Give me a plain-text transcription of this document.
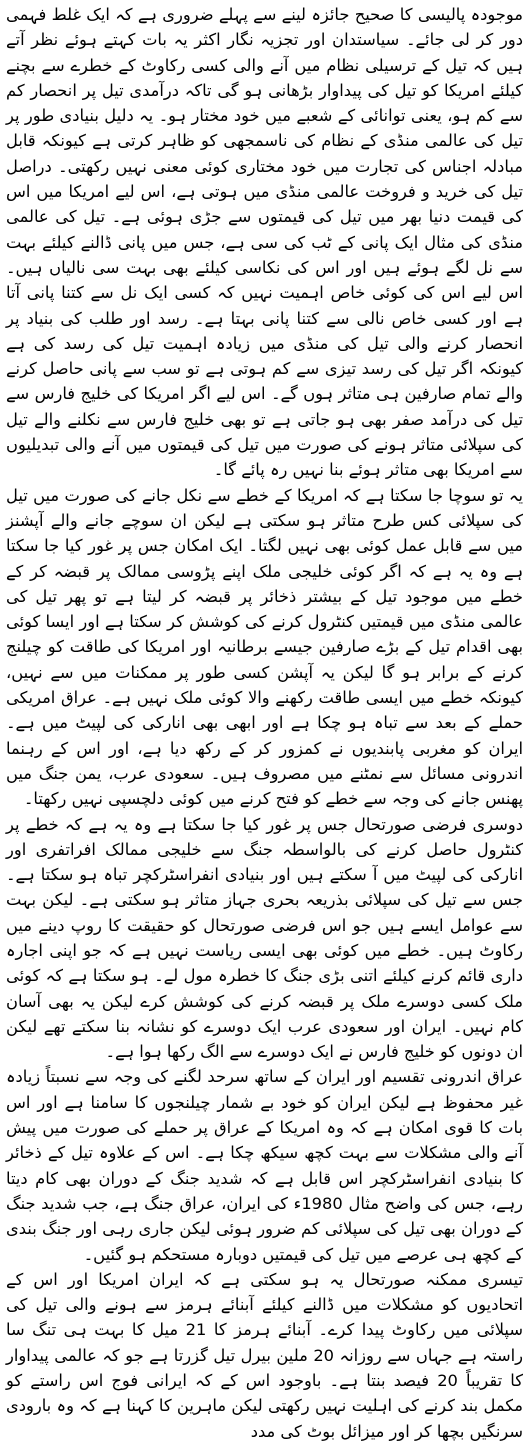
موجودہ پالیسی کا صحیح جائزہ لینے سے پہلے ضروری ہے کہ ایک غلط فہمی دور کر لی جائے۔ سیاستدان اور تجزیہ نگار اکثر یہ بات کہتے ہوئے نظر آتے ہیں کہ تیل کے ترسیلی نظام میں آنے والی کسی رکاوٹ کے خطرے سے بچنے کیلئے امریکا کو تیل کی پیداوار بڑھانی ہو گی تاکہ درآمدی تیل پر انحصار کم سے کم ہو، یعنی توانائی کے شعبے میں خود مختار ہو۔ یہ دلیل بنیادی طور پر تیل کی عالمی منڈی کے نظام کی ناسمجھی کو ظاہر کرتی ہے کیونکہ قابل مبادلہ اجناس کی تجارت میں خود مختاری کوئی معنی نہیں رکھتی۔ دراصل تیل کی خرید و فروخت عالمی منڈی میں ہوتی ہے، اس لیے امریکا میں اس کی قیمت دنیا بھر میں تیل کی قیمتوں سے جڑی ہوئی ہے۔ تیل کی عالمی منڈی کی مثال ایک پانی کے ٹب کی سی ہے، جس میں پانی ڈالنے کیلئے بہت سے نل لگے ہوئے ہیں اور اس کی نکاسی کیلئے بھی بہت سی نالیاں ہیں۔ اس لیے اس کی کوئی خاص اہمیت نہیں کہ کسی ایک نل سے کتنا پانی آتا ہے اور کسی خاص نالی سے کتنا پانی بہتا ہے۔ رسد اور طلب کی بنیاد پر انحصار کرنے والی تیل کی منڈی میں زیادہ اہمیت تیل کی رسد کی ہے کیونکہ اگر تیل کی رسد تیزی سے کم ہوتی ہے تو سب سے پانی حاصل کرنے والے تمام صارفین ہی متاثر ہوں گے۔ اس لیے اگر امریکا کی خلیج فارس سے تیل کی درآمد صفر بھی ہو جاتی ہے تو بھی خلیج فارس سے نکلنے والے تیل کی سپلائی متاثر ہونے کی صورت میں تیل کی قیمتوں میں آنے والی تبدیلیوں سے امریکا بھی متاثر ہوئے بنا نہیں رہ پائے گا۔

یہ تو سوچا جا سکتا ہے کہ امریکا کے خطے سے نکل جانے کی صورت میں تیل کی سپلائی کس طرح متاثر ہو سکتی ہے لیکن ان سوچے جانے والے آپشنز میں سے قابل عمل کوئی بھی نہیں لگتا۔ ایک امکان جس پر غور کیا جا سکتا ہے وہ یہ ہے کہ اگر کوئی خلیجی ملک اپنے پڑوسی ممالک پر قبضہ کر کے خطے میں موجود تیل کے بیشتر ذخائر پر قبضہ کر لیتا ہے تو پھر تیل کی عالمی منڈی میں قیمتیں کنٹرول کرنے کی کوشش کر سکتا ہے اور ایسا کوئی بھی اقدام تیل کے بڑے صارفین جیسے برطانیہ اور امریکا کی طاقت کو چیلنج کرنے کے برابر ہو گا لیکن یہ آپشن کسی طور پر ممکنات میں سے نہیں، کیونکہ خطے میں ایسی طاقت رکھنے والا کوئی ملک نہیں ہے۔ عراق امریکی حملے کے بعد سے تباہ ہو چکا ہے اور ابھی بھی انارکی کی لپیٹ میں ہے۔ ایران کو مغربی پابندیوں نے کمزور کر کے رکھ دیا ہے، اور اس کے رہنما اندرونی مسائل سے نمٹنے میں مصروف ہیں۔ سعودی عرب، یمن جنگ میں پھنس جانے کی وجہ سے خطے کو فتح کرنے میں کوئی دلچسپی نہیں رکھتا۔

دوسری فرضی صورتحال جس پر غور کیا جا سکتا ہے وہ یہ ہے کہ خطے پر کنٹرول حاصل کرنے کی بالواسطہ جنگ سے خلیجی ممالک افراتفری اور انارکی کی لپیٹ میں آ سکتے ہیں اور بنیادی انفراسٹرکچر تباہ ہو سکتا ہے۔ جس سے تیل کی سپلائی بذریعہ بحری جہاز متاثر ہو سکتی ہے۔ لیکن بہت سے عوامل ایسے ہیں جو اس فرضی صورتحال کو حقیقت کا روپ دینے میں رکاوٹ ہیں۔ خطے میں کوئی بھی ایسی ریاست نہیں ہے کہ جو اپنی اجارہ داری قائم کرنے کیلئے اتنی بڑی جنگ کا خطرہ مول لے۔ ہو سکتا ہے کہ کوئی ملک کسی دوسرے ملک پر قبضہ کرنے کی کوشش کرے لیکن یہ بھی آسان کام نہیں۔ ایران اور سعودی عرب ایک دوسرے کو نشانہ بنا سکتے تھے لیکن ان دونوں کو خلیج فارس نے ایک دوسرے سے الگ رکھا ہوا ہے۔

عراق اندرونی تقسیم اور ایران کے ساتھ سرحد لگنے کی وجہ سے نسبتاً زیادہ غیر محفوظ ہے لیکن ایران کو خود بے شمار چیلنجوں کا سامنا ہے اور اس بات کا قوی امکان ہے کہ وہ امریکا کے عراق پر حملے کی صورت میں پیش آنے والی مشکلات سے بہت کچھ سیکھ چکا ہے۔ اس کے علاوہ تیل کے ذخائر کا بنیادی انفراسٹرکچر اس قابل ہے کہ شدید جنگ کے دوران بھی کام دیتا رہے، جس کی واضح مثال 1980ء کی ایران، عراق جنگ ہے، جب شدید جنگ کے دوران بھی تیل کی سپلائی کم ضرور ہوئی لیکن جاری رہی اور جنگ بندی کے کچھ ہی عرصے میں تیل کی قیمتیں دوبارہ مستحکم ہو گئیں۔

تیسری ممکنہ صورتحال یہ ہو سکتی ہے کہ ایران امریکا اور اس کے اتحادیوں کو مشکلات میں ڈالنے کیلئے آبنائے ہرمز سے ہونے والی تیل کی سپلائی میں رکاوٹ پیدا کرے۔ آبنائے ہرمز کا 21 میل کا بہت ہی تنگ سا راستہ ہے جہاں سے روزانہ 20 ملین بیرل تیل گزرتا ہے جو کہ عالمی پیداوار کا تقریباً 20 فیصد بنتا ہے۔ باوجود اس کے کہ ایرانی فوج اس راستے کو مکمل بند کرنے کی اہلیت نہیں رکھتی لیکن ماہرین کا کہنا ہے کہ وہ بارودی سرنگیں بچھا کر اور میزائل بوٹ کی مدد
